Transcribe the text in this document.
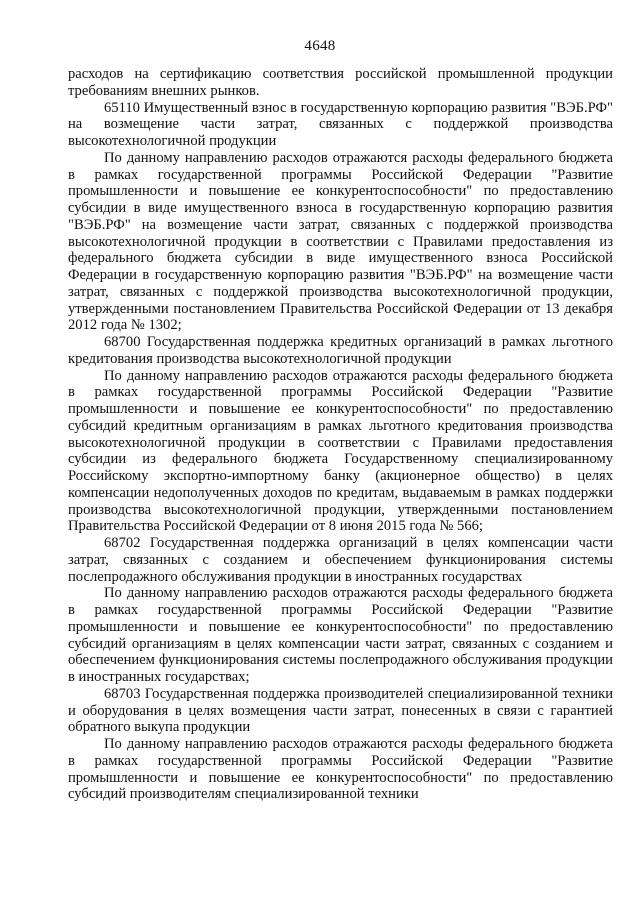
4648

расходов на сертификацию соответствия российской промышленной продукции требованиям внешних рынков.

65110 Имущественный взнос в государственную корпорацию развития "ВЭБ.РФ" на возмещение части затрат, связанных с поддержкой производства высокотехнологичной продукции

По данному направлению расходов отражаются расходы федерального бюджета в рамках государственной программы Российской Федерации "Развитие промышленности и повышение ее конкурентоспособности" по предоставлению субсидии в виде имущественного взноса в государственную корпорацию развития "ВЭБ.РФ" на возмещение части затрат, связанных с поддержкой производства высокотехнологичной продукции в соответствии с Правилами предоставления из федерального бюджета субсидии в виде имущественного взноса Российской Федерации в государственную корпорацию развития "ВЭБ.РФ" на возмещение части затрат, связанных с поддержкой производства высокотехнологичной продукции, утвержденными постановлением Правительства Российской Федерации от 13 декабря 2012 года № 1302;

68700 Государственная поддержка кредитных организаций в рамках льготного кредитования производства высокотехнологичной продукции

По данному направлению расходов отражаются расходы федерального бюджета в рамках государственной программы Российской Федерации "Развитие промышленности и повышение ее конкурентоспособности" по предоставлению субсидий кредитным организациям в рамках льготного кредитования производства высокотехнологичной продукции в соответствии с Правилами предоставления субсидии из федерального бюджета Государственному специализированному Российскому экспортно-импортному банку (акционерное общество) в целях компенсации недополученных доходов по кредитам, выдаваемым в рамках поддержки производства высокотехнологичной продукции, утвержденными постановлением Правительства Российской Федерации от 8 июня 2015 года № 566;

68702 Государственная поддержка организаций в целях компенсации части затрат, связанных с созданием и обеспечением функционирования системы послепродажного обслуживания продукции в иностранных государствах

По данному направлению расходов отражаются расходы федерального бюджета в рамках государственной программы Российской Федерации "Развитие промышленности и повышение ее конкурентоспособности" по предоставлению субсидий организациям в целях компенсации части затрат, связанных с созданием и обеспечением функционирования системы послепродажного обслуживания продукции в иностранных государствах;

68703 Государственная поддержка производителей специализированной техники и оборудования в целях возмещения части затрат, понесенных в связи с гарантией обратного выкупа продукции

По данному направлению расходов отражаются расходы федерального бюджета в рамках государственной программы Российской Федерации "Развитие промышленности и повышение ее конкурентоспособности" по предоставлению субсидий производителям специализированной техники
